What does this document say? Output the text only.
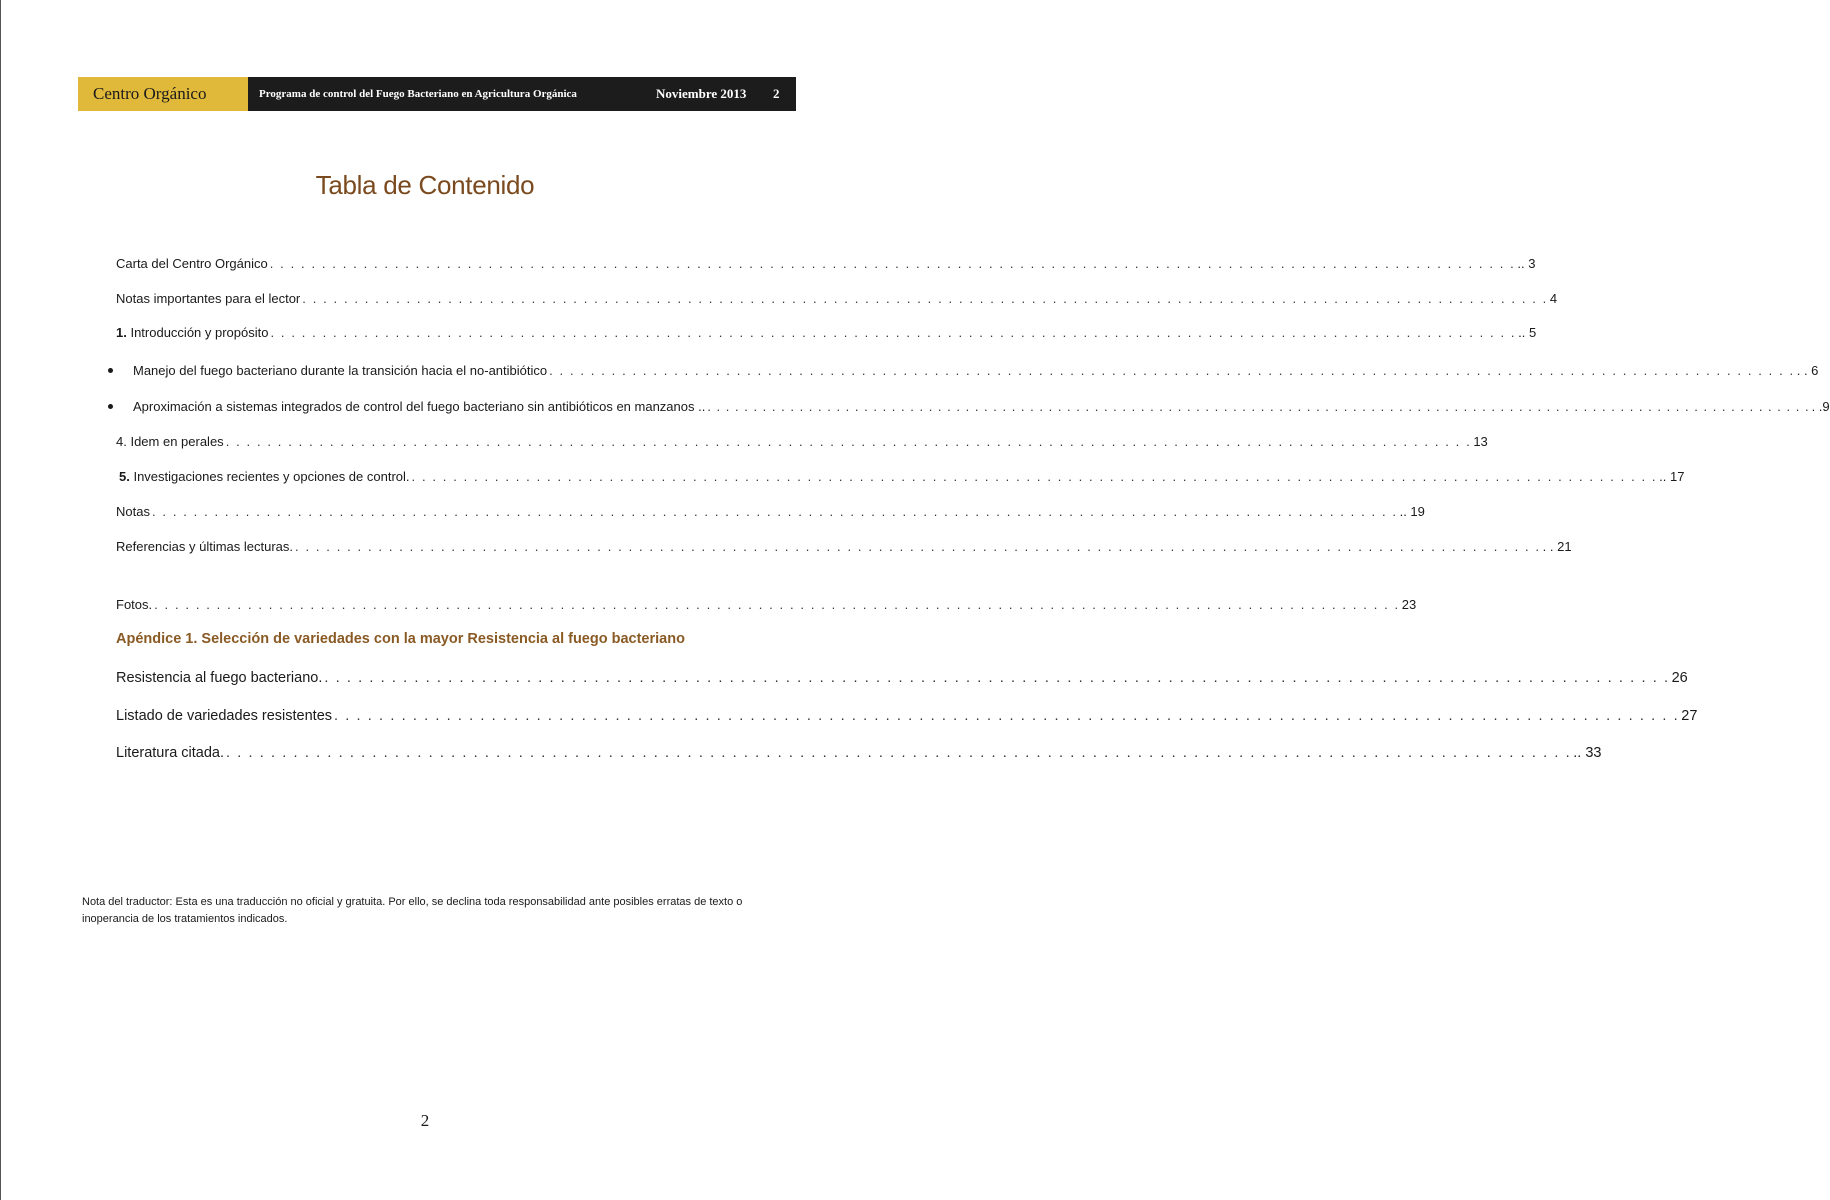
Centro Orgánico	Programa de control del Fuego Bacteriano en Agricultura Orgánica	Noviembre 2013 2
Tabla de Contenido
Carta del Centro Orgánico . . .	.. 3
Notas importantes para el lector . . .	4
1. Introducción y propósito . . .	.. 5
Manejo del fuego bacteriano durante la transición hacia el no-antibiótico . . .	. . 6
Aproximación a sistemas integrados de control del fuego bacteriano sin antibióticos en manzanos .. . . .	. .9
4. Idem en perales . . .	13
5. Investigaciones recientes y opciones de control. . . .	.. 17
Notas . . .	.. 19
Referencias y últimas lecturas. . . .	. . 21
Fotos. . . .	23
Apéndice 1. Selección de variedades con la mayor Resistencia al fuego bacteriano
Resistencia al fuego bacteriano. . . .	26
Listado de variedades resistentes . . .	27
Literatura citada. . . .	.. 33
Nota del traductor: Esta es una traducción no oficial y gratuita. Por ello, se declina toda responsabilidad ante posibles erratas de texto o inoperancia de los tratamientos indicados.
2
